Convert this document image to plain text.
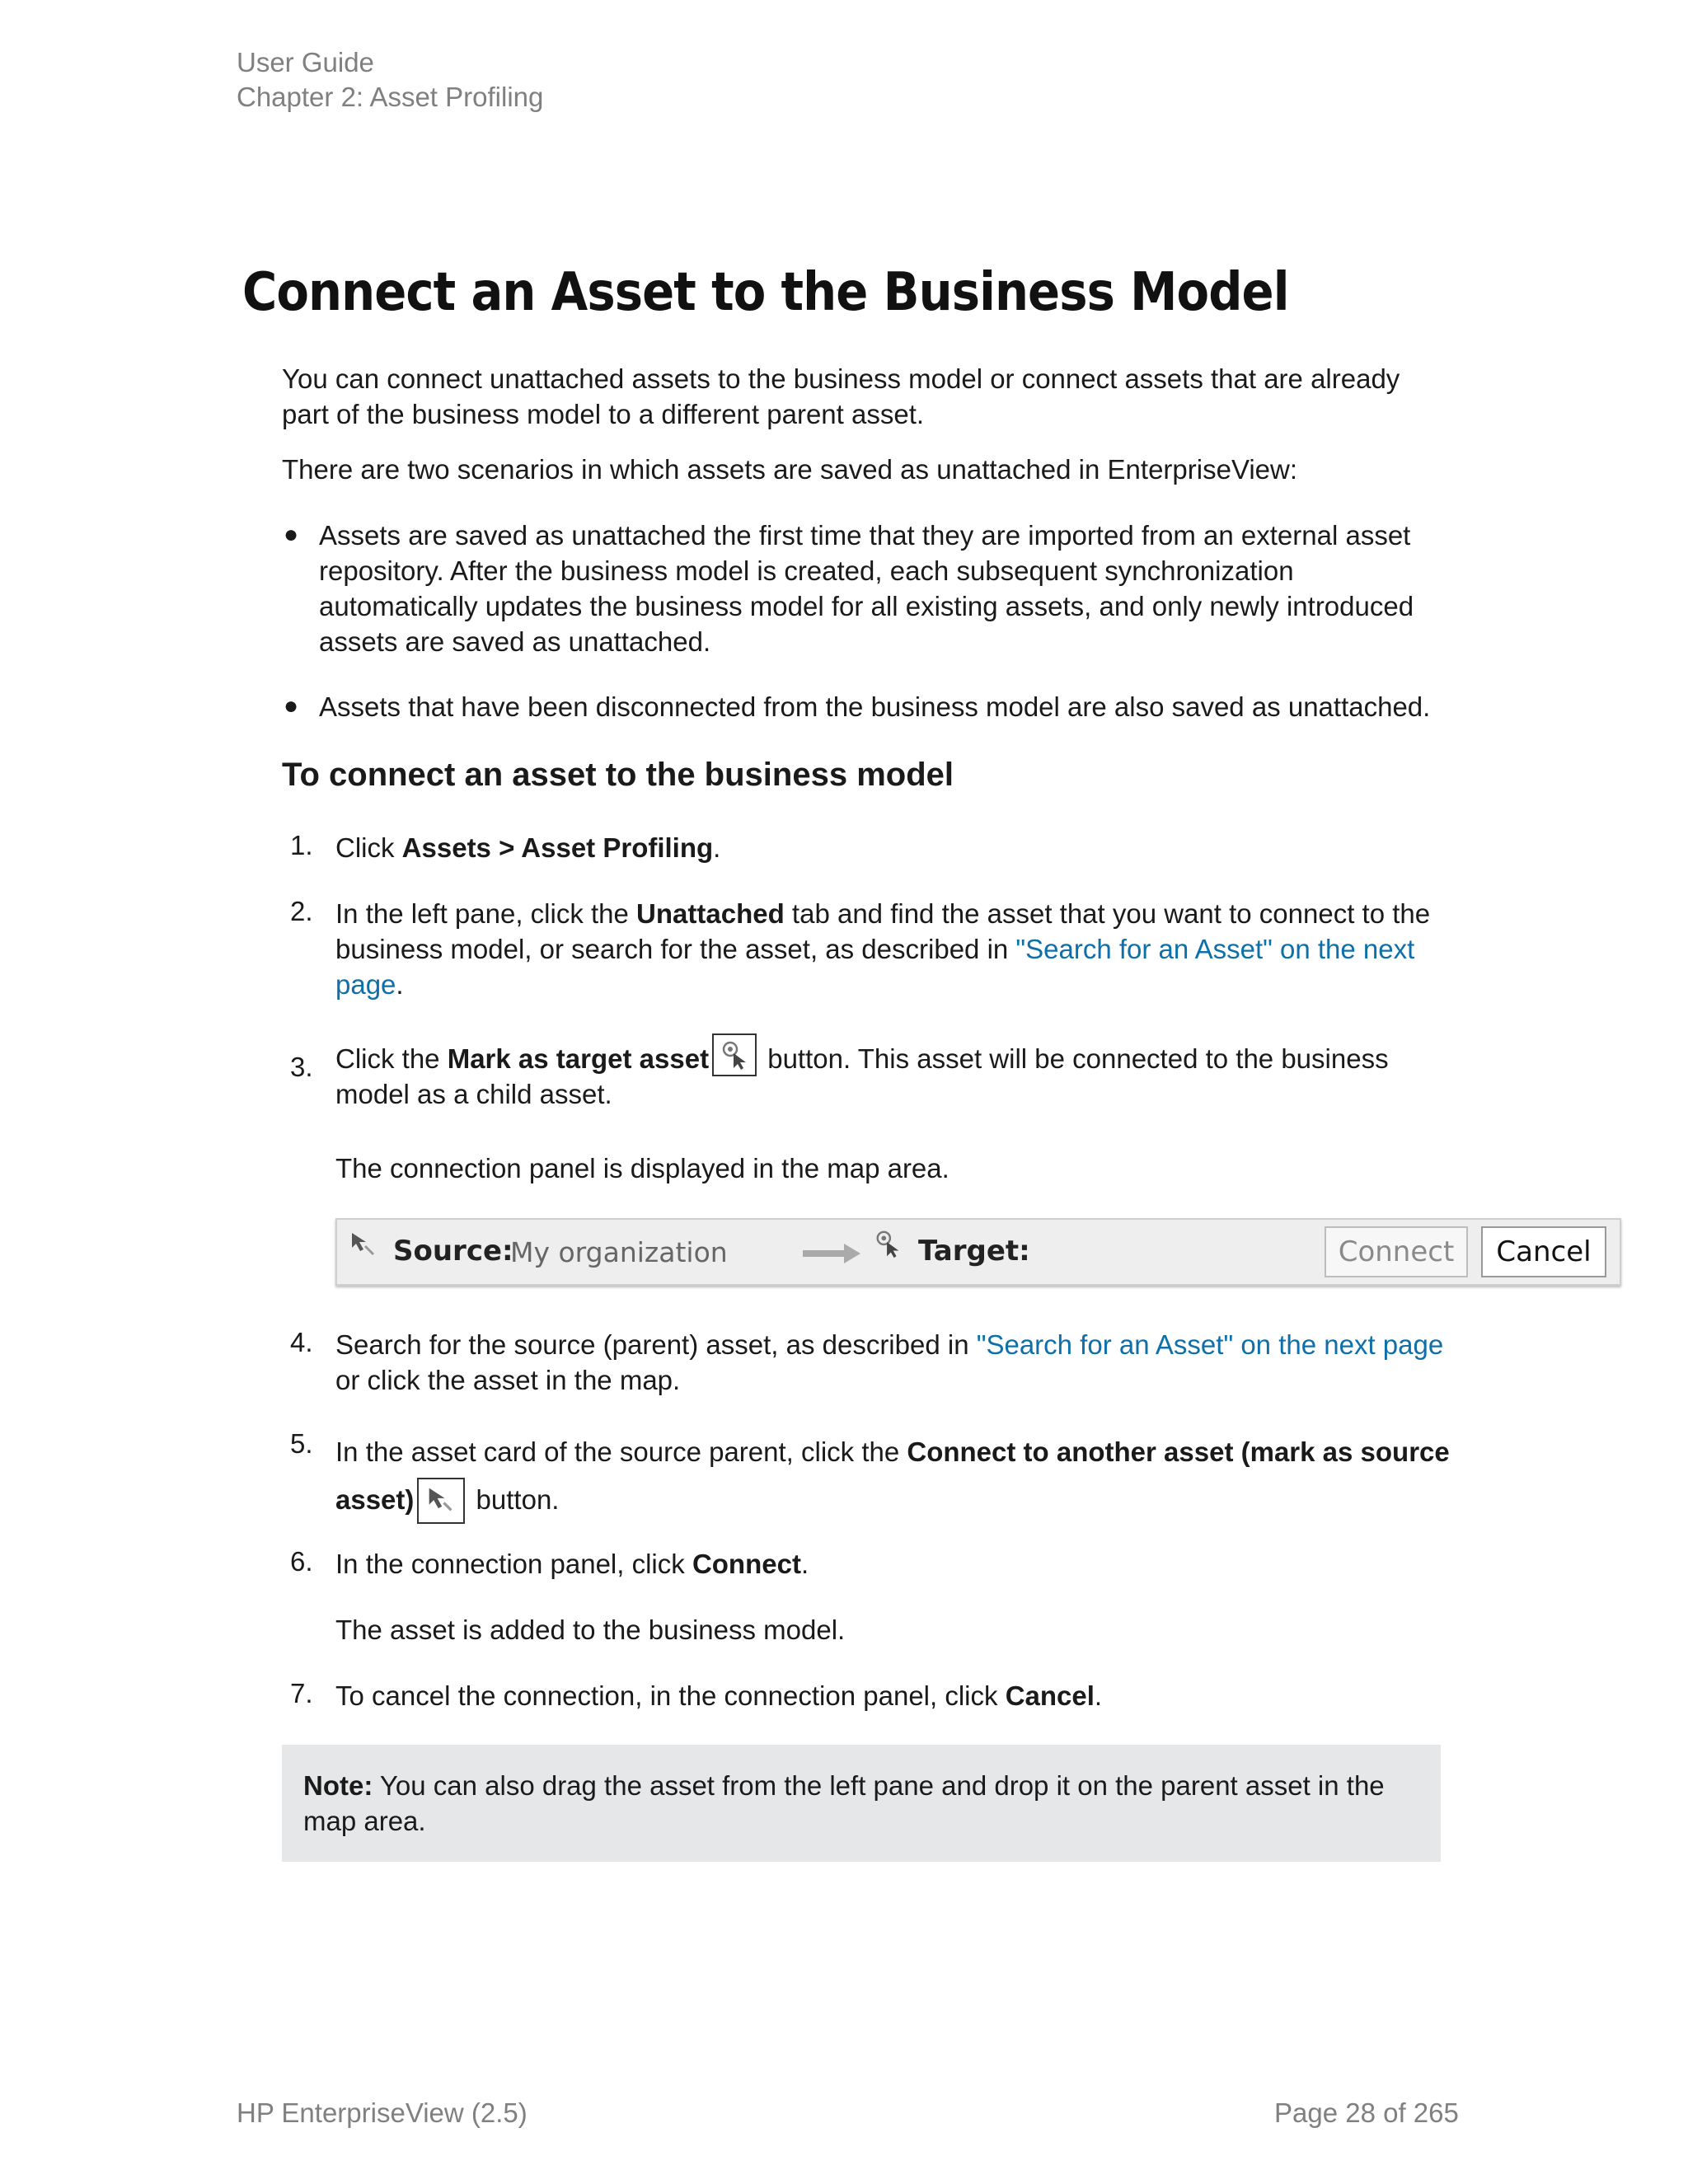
User Guide
Chapter 2: Asset Profiling
Connect an Asset to the Business Model
You can connect unattached assets to the business model or connect assets that are already part of the business model to a different parent asset.
There are two scenarios in which assets are saved as unattached in EnterpriseView:
● Assets are saved as unattached the first time that they are imported from an external asset repository. After the business model is created, each subsequent synchronization automatically updates the business model for all existing assets, and only newly introduced assets are saved as unattached.
● Assets that have been disconnected from the business model are also saved as unattached.
To connect an asset to the business model
1. Click Assets > Asset Profiling.
2. In the left pane, click the Unattached tab and find the asset that you want to connect to the business model, or search for the asset, as described in "Search for an Asset" on the next page.
3. Click the Mark as target asset
button. This asset will be connected to the business model as a child asset.
The connection panel is displayed in the map area.
Source:
My organization	Target:	Connect	Cancel
4. Search for the source (parent) asset, as described in "Search for an Asset" on the next page or click the asset in the map.
5. In the asset card of the source parent, click the Connect to another asset (mark as source asset)
button.
6. In the connection panel, click Connect.
The asset is added to the business model.
7. To cancel the connection, in the connection panel, click Cancel.
Note: You can also drag the asset from the left pane and drop it on the parent asset in the map area.
HP EnterpriseView (2.5)	Page 28 of 265
